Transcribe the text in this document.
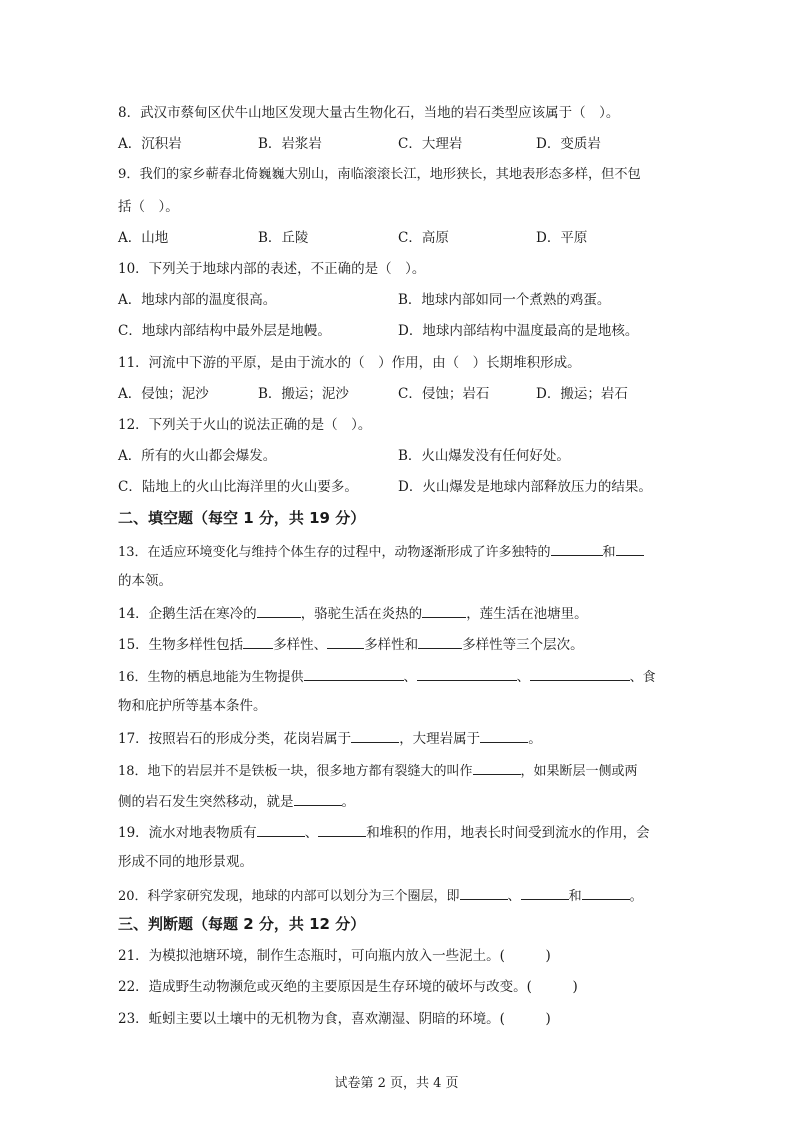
8．武汉市蔡甸区伏牛山地区发现大量古生物化石，当地的岩石类型应该属于（　）。
A．沉积岩	B．岩浆岩	C．大理岩	D．变质岩
9．我们的家乡蕲春北倚巍巍大别山，南临滚滚长江，地形狭长，其地表形态多样，但不包
括（　）。
A．山地	B．丘陵	C．高原	D．平原
10．下列关于地球内部的表述，不正确的是（　）。
A．地球内部的温度很高。	B．地球内部如同一个煮熟的鸡蛋。
C．地球内部结构中最外层是地幔。	D．地球内部结构中温度最高的是地核。
11．河流中下游的平原，是由于流水的（　）作用，由（　）长期堆积形成。
A．侵蚀；泥沙	B．搬运；泥沙	C．侵蚀；岩石	D．搬运；岩石
12．下列关于火山的说法正确的是（　）。
A．所有的火山都会爆发。	B．火山爆发没有任何好处。
C．陆地上的火山比海洋里的火山要多。	D．火山爆发是地球内部释放压力的结果。
二、填空题（每空 1 分，共 19 分）
13．在适应环境变化与维持个体生存的过程中，动物逐渐形成了许多独特的	和
的本领。
14．企鹅生活在寒冷的	，骆驼生活在炎热的	，莲生活在池塘里。
15．生物多样性包括 多样性、	多样性和	多样性等三个层次。
16．生物的栖息地能为生物提供	、	、	、食
物和庇护所等基本条件。
17．按照岩石的形成分类，花岗岩属于	，大理岩属于	。
18．地下的岩层并不是铁板一块，很多地方都有裂缝大的叫作	，如果断层一侧或两
侧的岩石发生突然移动，就是	。
19．流水对地表物质有	、	和堆积的作用，地表长时间受到流水的作用，会
形成不同的地形景观。
20．科学家研究发现，地球的内部可以划分为三个圈层，即	、	和	。
三、判断题（每题 2 分，共 12 分）
21．为模拟池塘环境，制作生态瓶时，可向瓶内放入一些泥土。(　　　)
22．造成野生动物濒危或灭绝的主要原因是生存环境的破坏与改变。(　　　)
23．蚯蚓主要以土壤中的无机物为食，喜欢潮湿、阴暗的环境。(　　　)
试卷第 2 页，共 4 页
